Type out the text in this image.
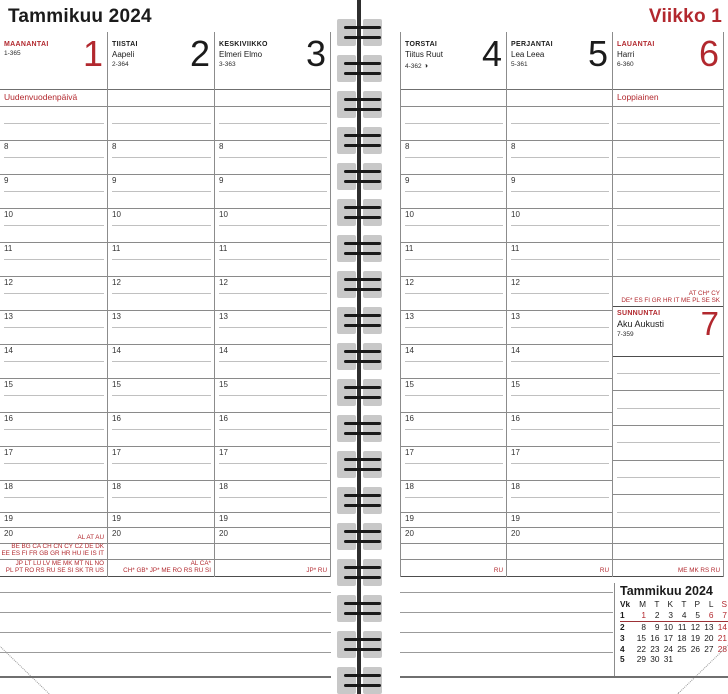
Tammikuu 2024	Viikko 1
MAANANTAI
1-365	1
Uudenvuodenpäivä
8
9
10
11
12
13
14
15
16
17
18
19
20	AL AT AU
BE BG CA CH CN CY CZ DE DK
EE ES FI FR GB GR HR HU IE IS IT
JP LT LU LV ME MK MT NL NO
PL PT RO RS RU SE SI SK TR US
TIISTAI
Aapeli
2-364	2
8
9
10
11
12
13
14
15
16
17
18
19
20
AL CA*
CH* GB* JP* ME RO RS RU SI
KESKIVIIKKO
Elmeri Elmo
3-363	3
8
9
10
11
12
13
14
15
16
17
18
19
20
JP* RU
TORSTAI
Tiitus Ruut
4-362 ◑	4
8
9
10
11
12
13
14
15
16
17
18
19
20
RU
PERJANTAI
Lea Leea
5-361	5
8
9
10
11
12
13
14
15
16
17
18
19
20
RU
LAUANTAI
Harri
6-360	6
Loppiainen
AT CH* CY
DE* ES FI GR HR IT ME PL SE SK
SUNNUNTAI
Aku Aukusti
7-359	7
ME MK RS RU
Tammikuu 2024
Vk	M	T	K	T	P	L	S
1	1	2	3	4	5	6	7
2	8	9	10	11	12	13	14
3	15	16	17	18	19	20	21
4	22	23	24	25	26	27	28
5	29	30	31				
